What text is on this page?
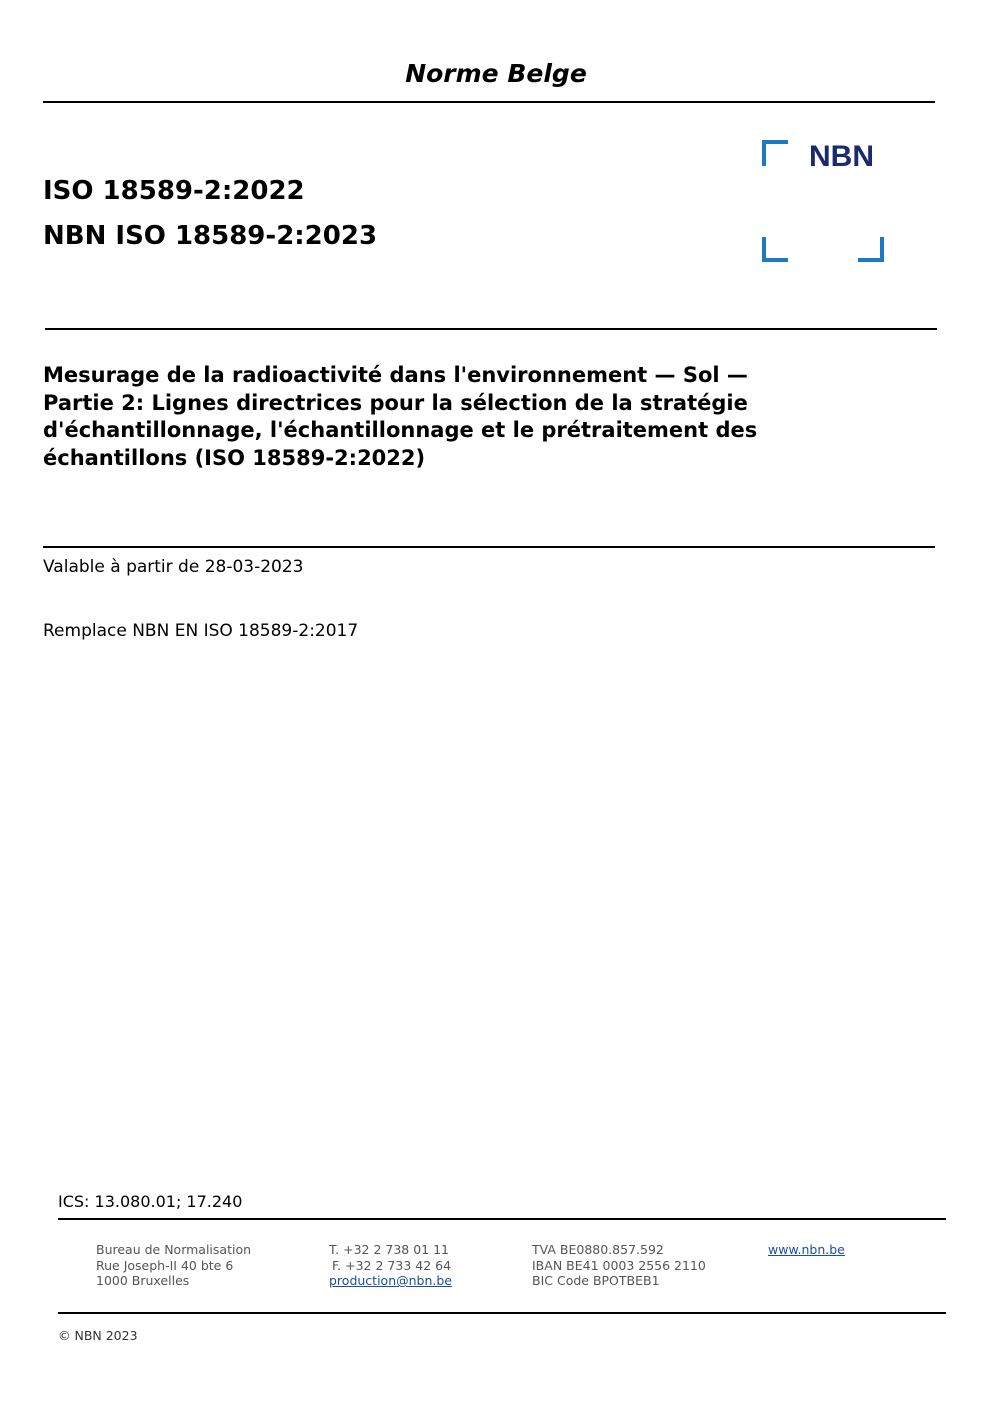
Norme Belge
ISO 18589-2:2022
NBN ISO 18589-2:2023
NBN
Mesurage de la radioactivité dans l'environnement — Sol —
Partie 2: Lignes directrices pour la sélection de la stratégie
d'échantillonnage, l'échantillonnage et le prétraitement des
échantillons (ISO 18589-2:2022)
Valable à partir de 28-03-2023
Remplace NBN EN ISO 18589-2:2017
ICS: 13.080.01; 17.240
Bureau de Normalisation
Rue Joseph-II 40 bte 6
1000 Bruxelles
T. +32 2 738 01 11
F. +32 2 733 42 64
production@nbn.be
TVA BE0880.857.592
IBAN BE41 0003 2556 2110
BIC Code BPOTBEB1
www.nbn.be
© NBN 2023
